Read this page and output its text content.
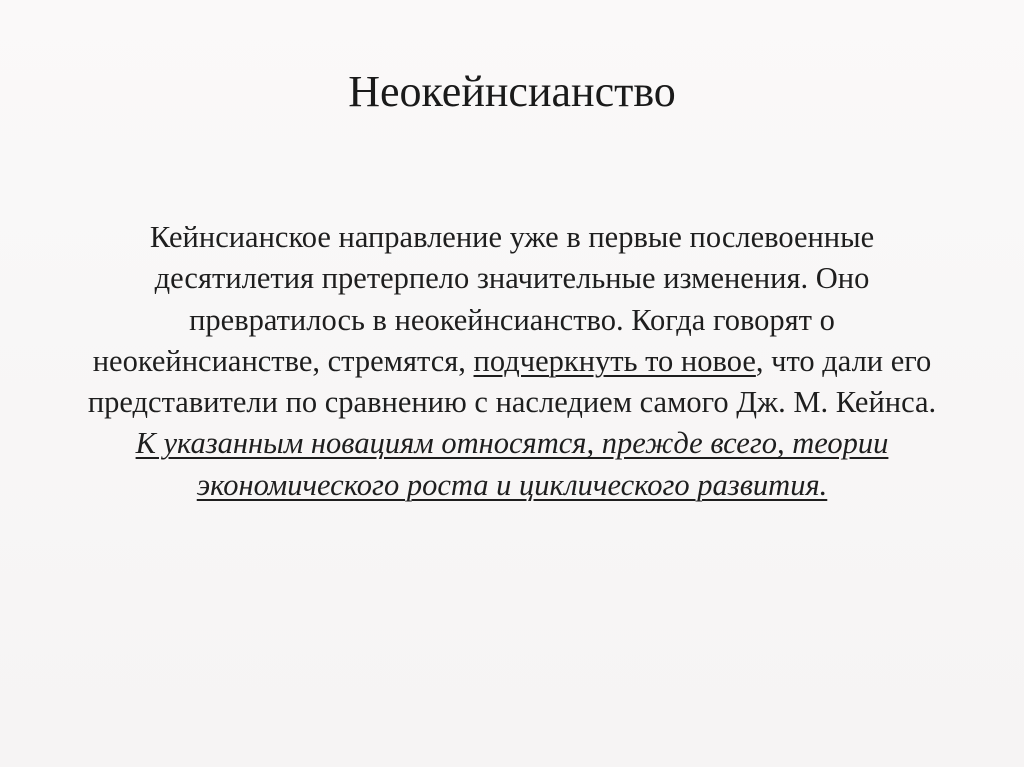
Неокейнсианство
Кейнсианское направление уже в первые послевоенные
десятилетия претерпело значительные изменения. Оно
превратилось в неокейнсианство. Когда говорят о
неокейнсианстве, стремятся, подчеркнуть то новое, что дали его
представители по сравнению с наследием самого Дж. М. Кейнса.
К указанным новациям относятся, прежде всего, теории
экономического роста и циклического развития.
